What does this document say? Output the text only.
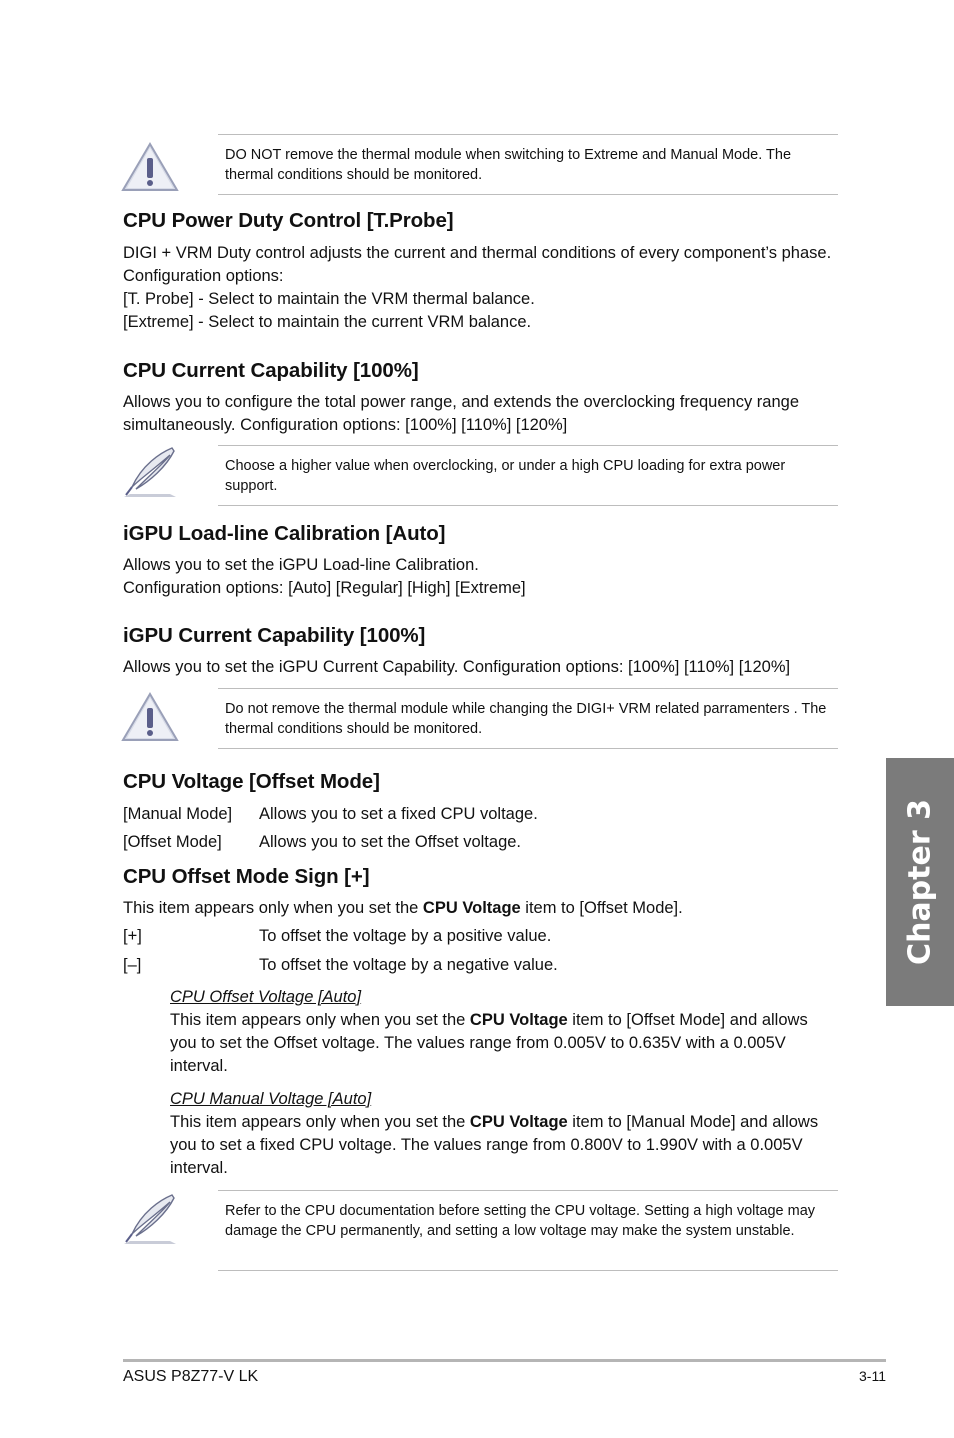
DO NOT remove the thermal module when switching to Extreme and Manual Mode. The thermal conditions should be monitored.
CPU Power Duty Control [T.Probe]
DIGI + VRM Duty control adjusts the current and thermal conditions of every component’s phase. Configuration options:
[T. Probe] - Select to maintain the VRM thermal balance.
[Extreme] - Select to maintain the current VRM balance.
CPU Current Capability [100%]
Allows you to configure the total power range, and extends the overclocking frequency range simultaneously. Configuration options: [100%] [110%] [120%]
Choose a higher value when overclocking, or under a high CPU loading for extra power support.
iGPU Load-line Calibration [Auto]
Allows you to set the iGPU Load-line Calibration.
Configuration options: [Auto] [Regular] [High] [Extreme]
iGPU Current Capability [100%]
Allows you to set the iGPU Current Capability. Configuration options: [100%] [110%] [120%]
Do not remove the thermal module while changing the DIGI+ VRM related parramenters . The thermal conditions should be monitored.
CPU Voltage [Offset Mode]
[Manual Mode] Allows you to set a fixed CPU voltage.
[Offset Mode] Allows you to set the Offset voltage.
CPU Offset Mode Sign [+]
This item appears only when you set the CPU Voltage item to [Offset Mode].
[+]	To offset the voltage by a positive value.
[–]	To offset the voltage by a negative value.
CPU Offset Voltage [Auto]
This item appears only when you set the CPU Voltage item to [Offset Mode] and allows you to set the Offset voltage. The values range from 0.005V to 0.635V with a 0.005V interval.
CPU Manual Voltage [Auto]
This item appears only when you set the CPU Voltage item to [Manual Mode] and allows you to set a fixed CPU voltage. The values range from 0.800V to 1.990V with a 0.005V interval.
Refer to the CPU documentation before setting the CPU voltage. Setting a high voltage may damage the CPU permanently, and setting a low voltage may make the system unstable.
Chapter 3
ASUS P8Z77-V LK	3-11
